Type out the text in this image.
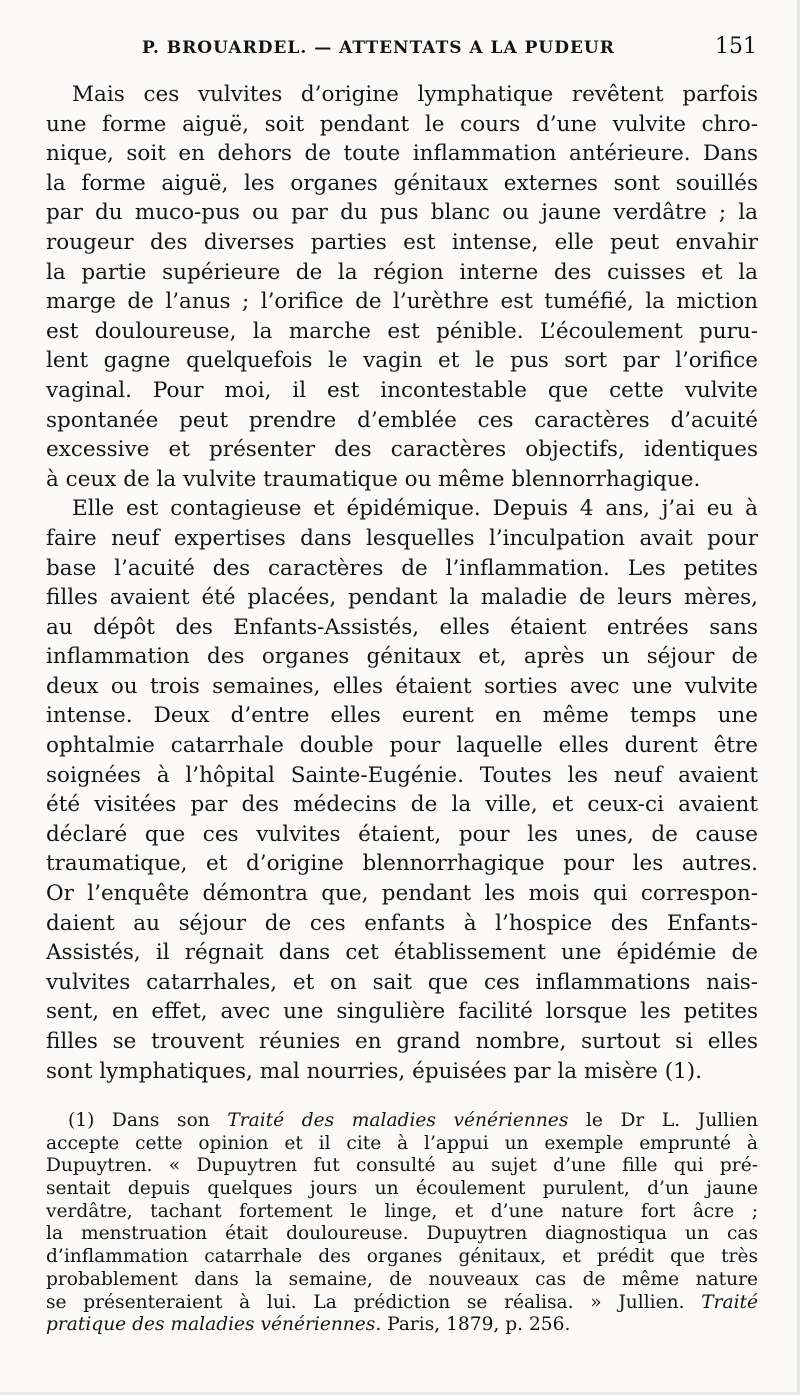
P. BROUARDEL. — ATTENTATS A LA PUDEUR	151
Mais ces vulvites d’origine lymphatique revêtent parfois
une forme aiguë, soit pendant le cours d’une vulvite chro-
nique, soit en dehors de toute inflammation antérieure. Dans
la forme aiguë, les organes génitaux externes sont souillés
par du muco-pus ou par du pus blanc ou jaune verdâtre ; la
rougeur des diverses parties est intense, elle peut envahir
la partie supérieure de la région interne des cuisses et la
marge de l’anus ; l’orifice de l’urèthre est tuméfié, la miction
est douloureuse, la marche est pénible. L’écoulement puru-
lent gagne quelquefois le vagin et le pus sort par l’orifice
vaginal. Pour moi, il est incontestable que cette vulvite
spontanée peut prendre d’emblée ces caractères d’acuité
excessive et présenter des caractères objectifs, identiques
à ceux de la vulvite traumatique ou même blennorrhagique.
Elle est contagieuse et épidémique. Depuis 4 ans, j’ai eu à
faire neuf expertises dans lesquelles l’inculpation avait pour
base l’acuité des caractères de l’inflammation. Les petites
filles avaient été placées, pendant la maladie de leurs mères,
au dépôt des Enfants-Assistés, elles étaient entrées sans
inflammation des organes génitaux et, après un séjour de
deux ou trois semaines, elles étaient sorties avec une vulvite
intense. Deux d’entre elles eurent en même temps une
ophtalmie catarrhale double pour laquelle elles durent être
soignées à l’hôpital Sainte-Eugénie. Toutes les neuf avaient
été visitées par des médecins de la ville, et ceux-ci avaient
déclaré que ces vulvites étaient, pour les unes, de cause
traumatique, et d’origine blennorrhagique pour les autres.
Or l’enquête démontra que, pendant les mois qui correspon-
daient au séjour de ces enfants à l’hospice des Enfants-
Assistés, il régnait dans cet établissement une épidémie de
vulvites catarrhales, et on sait que ces inflammations nais-
sent, en effet, avec une singulière facilité lorsque les petites
filles se trouvent réunies en grand nombre, surtout si elles
sont lymphatiques, mal nourries, épuisées par la misère (1).
(1) Dans son Traité des maladies vénériennes le Dr L. Jullien
accepte cette opinion et il cite à l’appui un exemple emprunté à
Dupuytren. « Dupuytren fut consulté au sujet d’une fille qui pré-
sentait depuis quelques jours un écoulement purulent, d’un jaune
verdâtre, tachant fortement le linge, et d’une nature fort âcre ;
la menstruation était douloureuse. Dupuytren diagnostiqua un cas
d’inflammation catarrhale des organes génitaux, et prédit que très
probablement dans la semaine, de nouveaux cas de même nature
se présenteraient à lui. La prédiction se réalisa. » Jullien. Traité
pratique des maladies vénériennes. Paris, 1879, p. 256.
